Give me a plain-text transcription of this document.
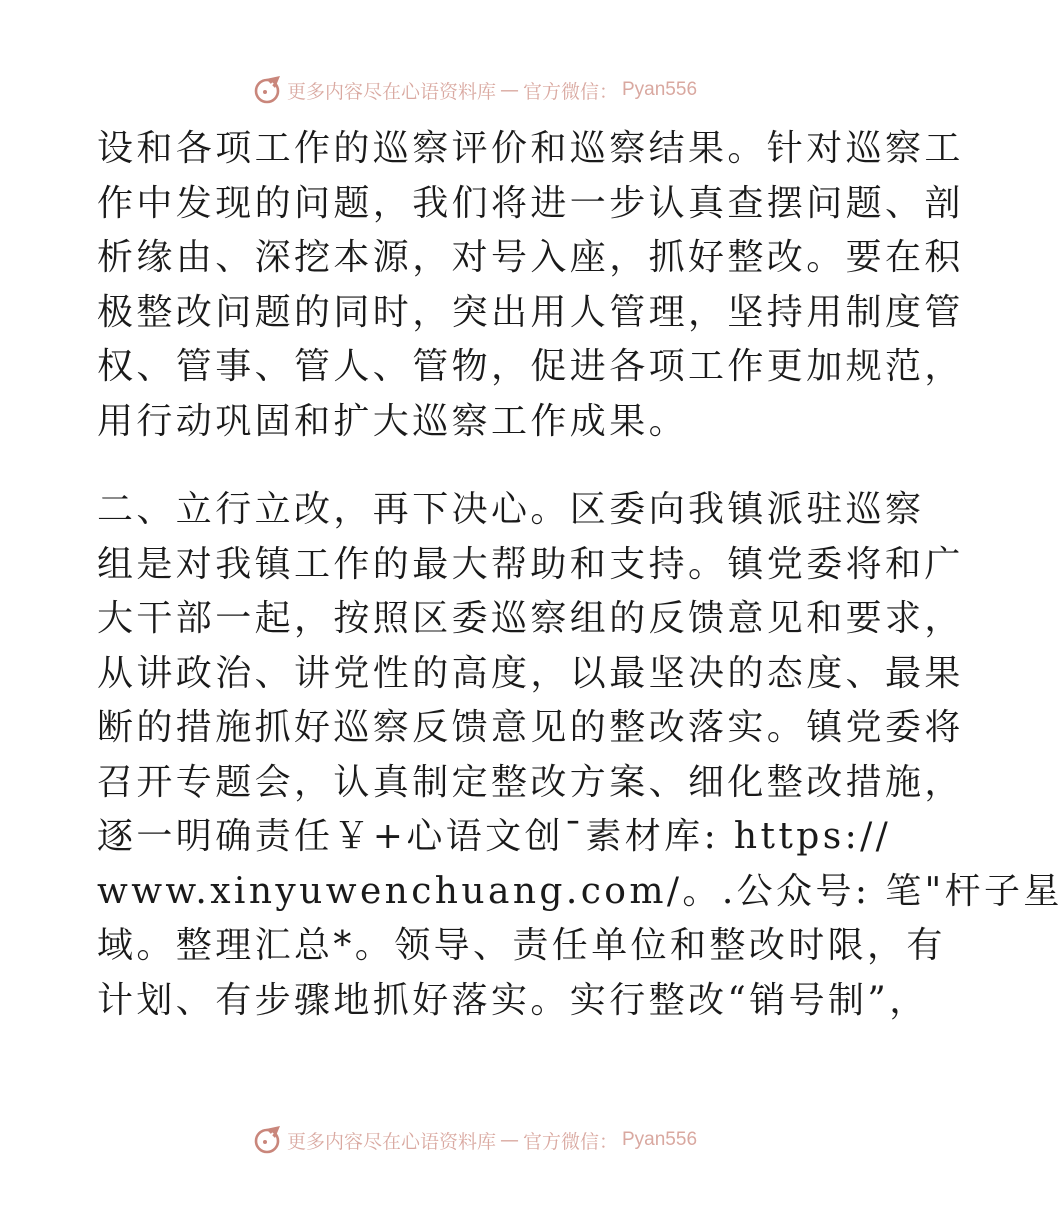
更多内容尽在心语资料库 — 官方微信： Pyan556

设和各项工作的巡察评价和巡察结果。针对巡察工
作中发现的问题，我们将进一步认真查摆问题、剖
析缘由、深挖本源，对号入座，抓好整改。要在积
极整改问题的同时，突出用人管理，坚持用制度管
权、管事、管人、管物，促进各项工作更加规范，
用行动巩固和扩大巡察工作成果。

二、立行立改，再下决心。区委向我镇派驻巡察
组是对我镇工作的最大帮助和支持。镇党委将和广
大干部一起，按照区委巡察组的反馈意见和要求，
从讲政治、讲党性的高度，以最坚决的态度、最果
断的措施抓好巡察反馈意见的整改落实。镇党委将
召开专题会，认真制定整改方案、细化整改措施，
逐一明确责任￥+心语文创¯素材库: https://
www.xinyuwenchuang.com/。.公众号: 笔"杆子星
域。整理汇总*。领导、责任单位和整改时限，有
计划、有步骤地抓好落实。实行整改“销号制”，

更多内容尽在心语资料库 — 官方微信： Pyan556
